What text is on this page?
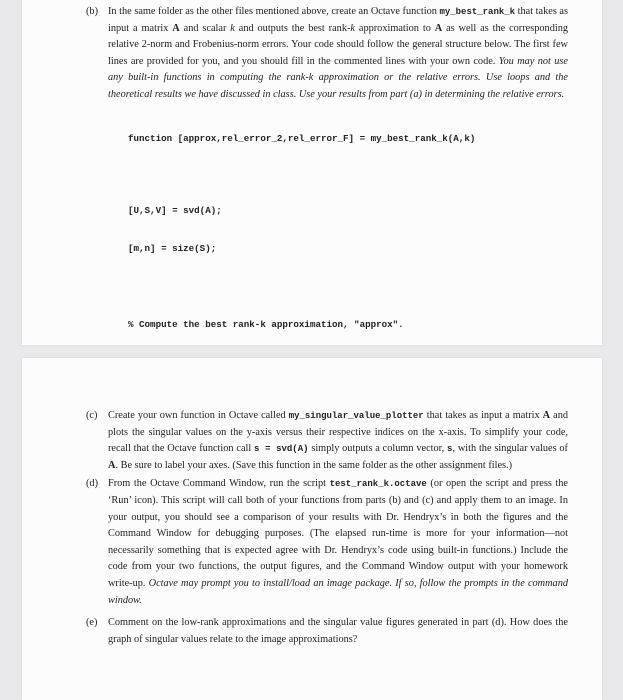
(b) In the same folder as the other files mentioned above, create an Octave function my_best_rank_k that takes as input a matrix A and scalar k and outputs the best rank-k approximation to A as well as the corresponding relative 2-norm and Frobenius-norm errors. Your code should follow the general structure below. The first few lines are provided for you, and you should fill in the commented lines with your own code. You may not use any built-in functions in computing the rank-k approximation or the relative errors. Use loops and the theoretical results we have discussed in class. Use your results from part (a) in determining the relative errors.

function [approx,rel_error_2,rel_error_F] = my_best_rank_k(A,k)

[U,S,V] = svd(A);

[m,n] = size(S);

% Compute the best rank-k approximation, "approx".

(c) Create your own function in Octave called my_singular_value_plotter that takes as input a matrix A and plots the singular values on the y-axis versus their respective indices on the x-axis. To simplify your code, recall that the Octave function call s = svd(A) simply outputs a column vector, s, with the singular values of A. Be sure to label your axes. (Save this function in the same folder as the other assignment files.)

(d) From the Octave Command Window, run the script test_rank_k.octave (or open the script and press the ‘Run’ icon). This script will call both of your functions from parts (b) and (c) and apply them to an image. In your output, you should see a comparison of your results with Dr. Hendryx’s in both the figures and the Command Window for debugging purposes. (The elapsed run-time is more for your information—not necessarily something that is expected agree with Dr. Hendryx’s code using built-in functions.) Include the code from your two functions, the output figures, and the Command Window output with your homework write-up. Octave may prompt you to install/load an image package. If so, follow the prompts in the command window.

(e) Comment on the low-rank approximations and the singular value figures generated in part (d). How does the graph of singular values relate to the image approximations?
